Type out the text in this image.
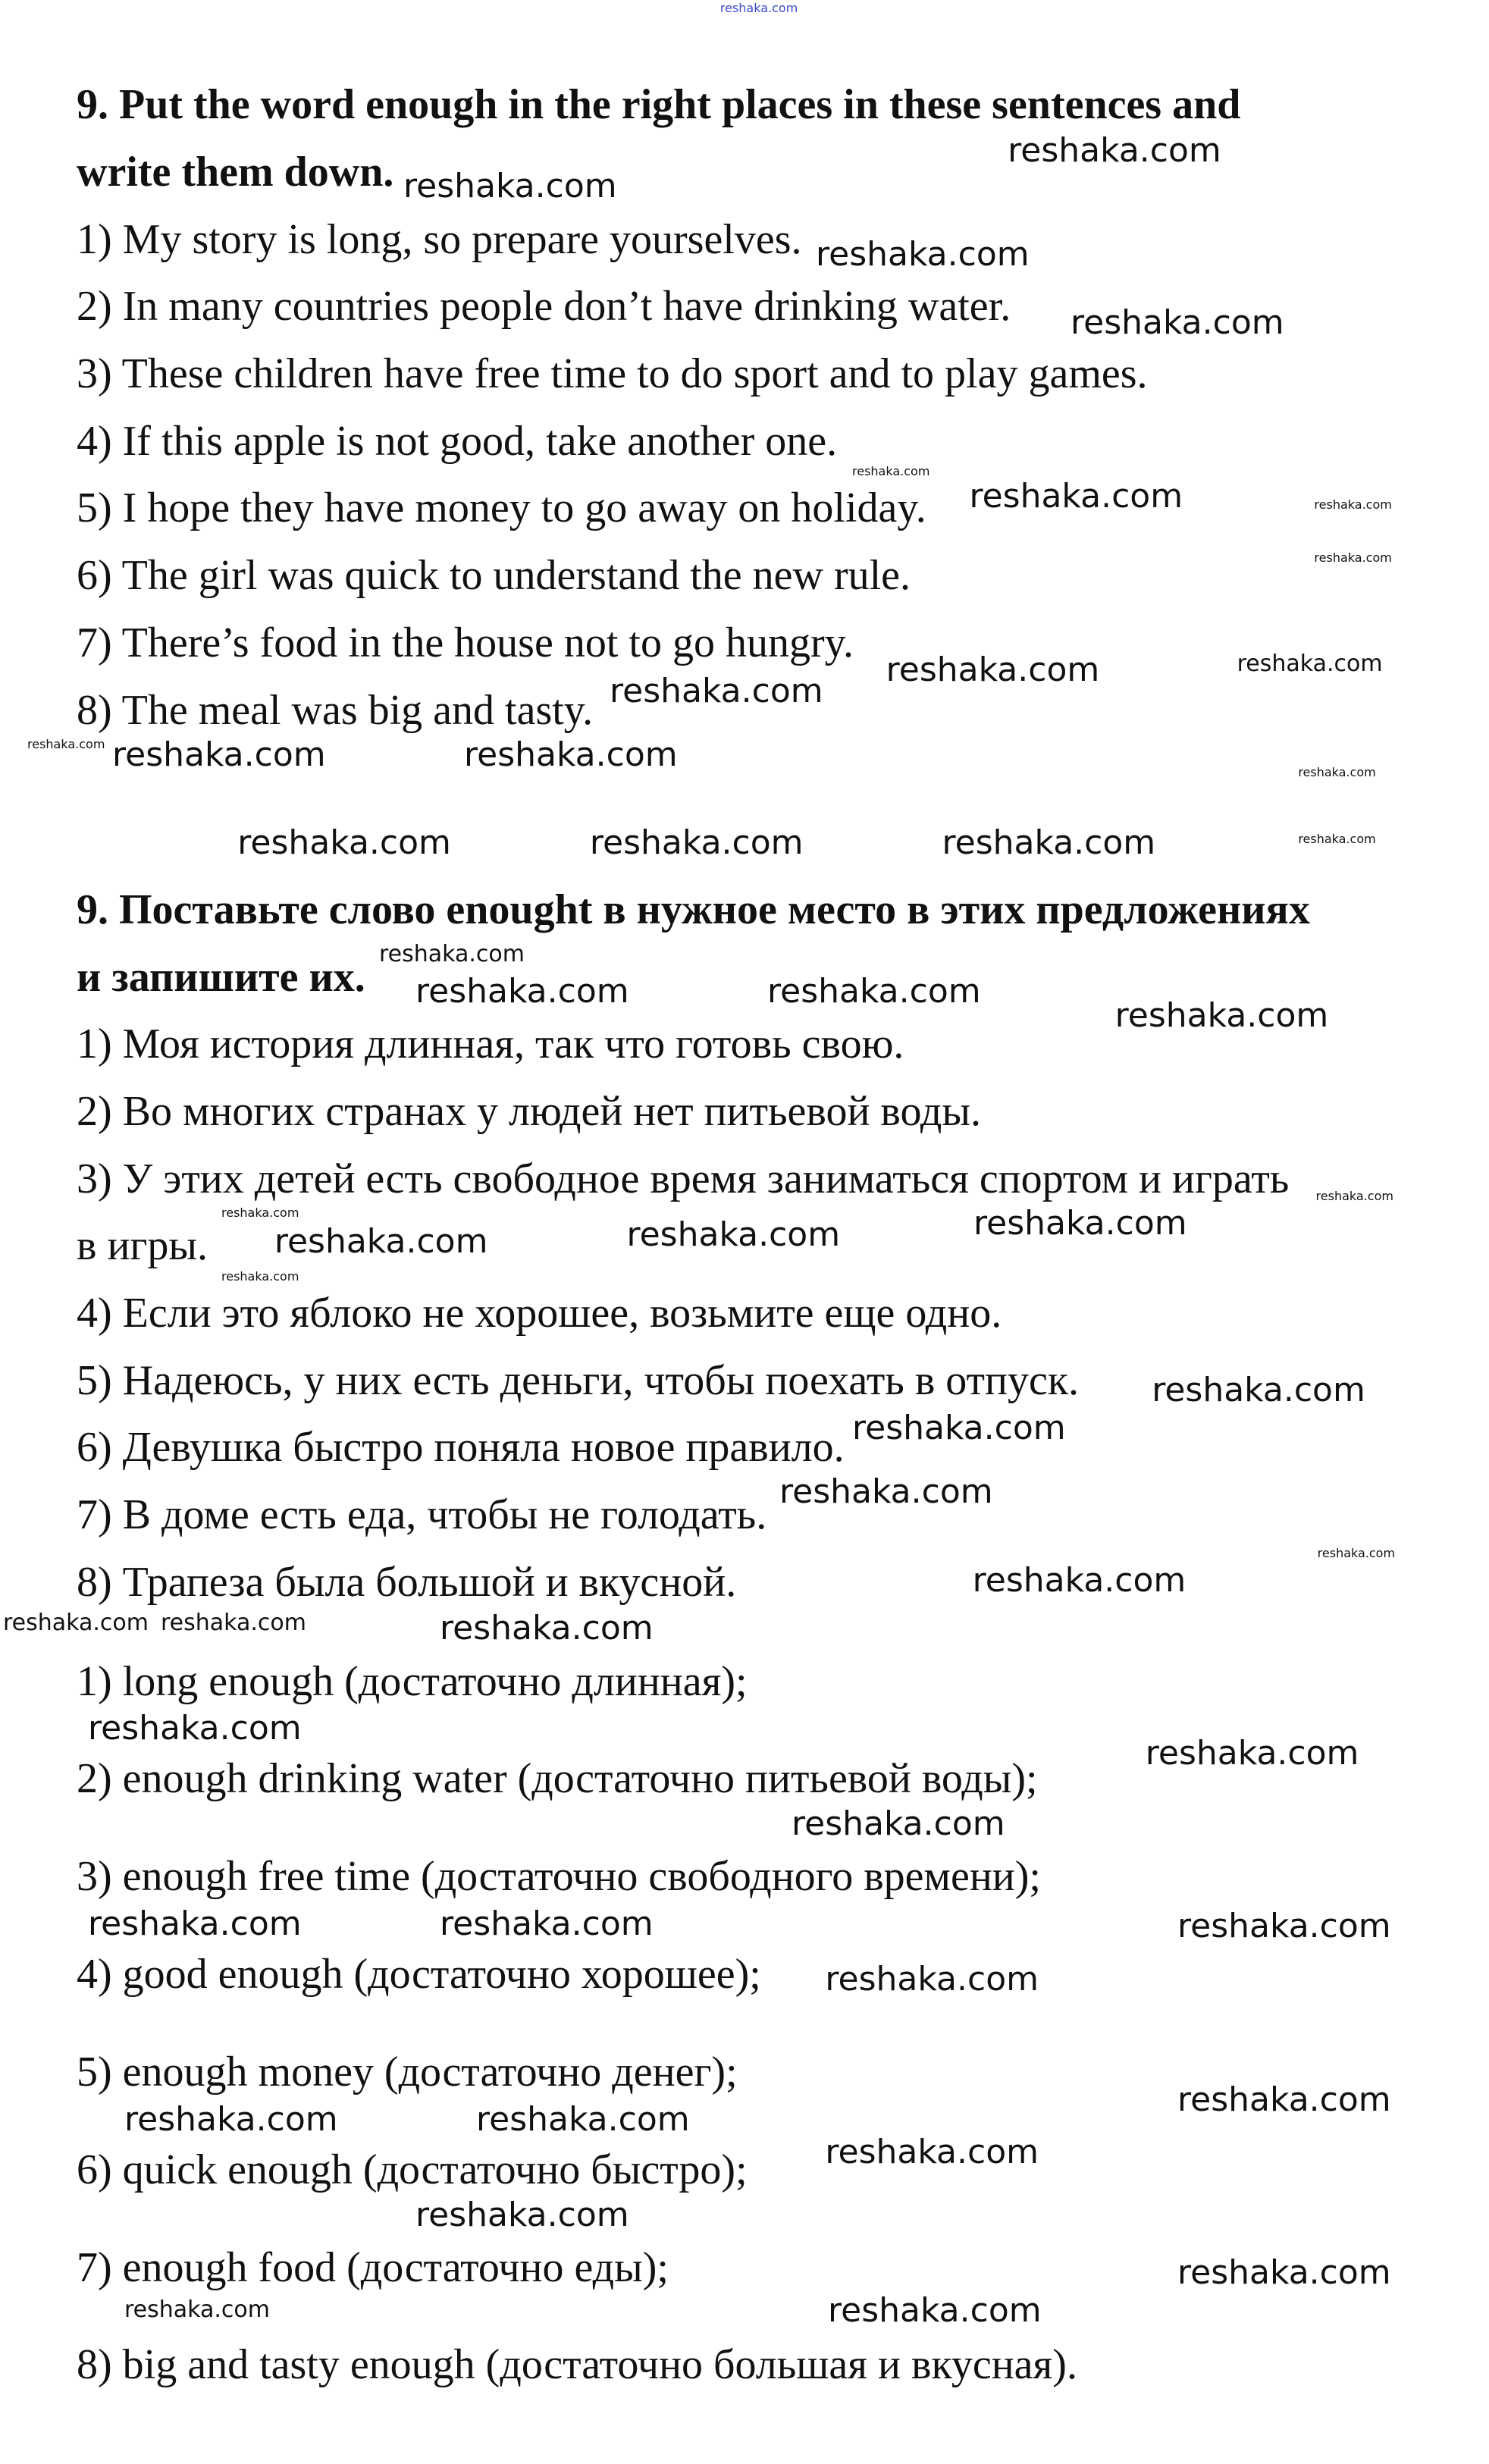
9. Put the word enough in the right places in these sentences and
write them down.
1) My story is long, so prepare yourselves.
2) In many countries people don’t have drinking water.
3) These children have free time to do sport and to play games.
4) If this apple is not good, take another one.
5) I hope they have money to go away on holiday.
6) The girl was quick to understand the new rule.
7) There’s food in the house not to go hungry.
8) The meal was big and tasty.
9. Поставьте слово enought в нужное место в этих предложениях
и запишите их.
1) Моя история длинная, так что готовь свою.
2) Во многих странах у людей нет питьевой воды.
3) У этих детей есть свободное время заниматься спортом и играть
в игры.
4) Если это яблоко не хорошее, возьмите еще одно.
5) Надеюсь, у них есть деньги, чтобы поехать в отпуск.
6) Девушка быстро поняла новое правило.
7) В доме есть еда, чтобы не голодать.
8) Трапеза была большой и вкусной.
1) long enough (достаточно длинная);
2) enough drinking water (достаточно питьевой воды);
3) enough free time (достаточно свободного времени);
4) good enough (достаточно хорошее);
5) enough money (достаточно денег);
6) quick enough (достаточно быстро);
7) enough food (достаточно еды);
8) big and tasty enough (достаточно большая и вкусная).
reshaka.com
reshaka.com
reshaka.com
reshaka.com
reshaka.com
reshaka.com
reshaka.com
reshaka.com	reshaka.com
reshaka.com	reshaka.com
reshaka.com	reshaka.com	reshaka.com
reshaka.com	reshaka.com
reshaka.com
reshaka.com	reshaka.com	reshaka.com
reshaka.com
reshaka.com
reshaka.com
reshaka.com
reshaka.com
reshaka.com
reshaka.com
reshaka.com
reshaka.com	reshaka.com	reshaka.com
reshaka.com
reshaka.com	reshaka.com
reshaka.com
reshaka.com
reshaka.com
reshaka.com
reshaka.com
reshaka.com
reshaka.com
reshaka.com
reshaka.com
reshaka.com
reshaka.com
reshaka.com
reshaka.com
reshaka.com
reshaka.com
reshaka.com
reshaka.com
reshaka.com
reshaka.com
